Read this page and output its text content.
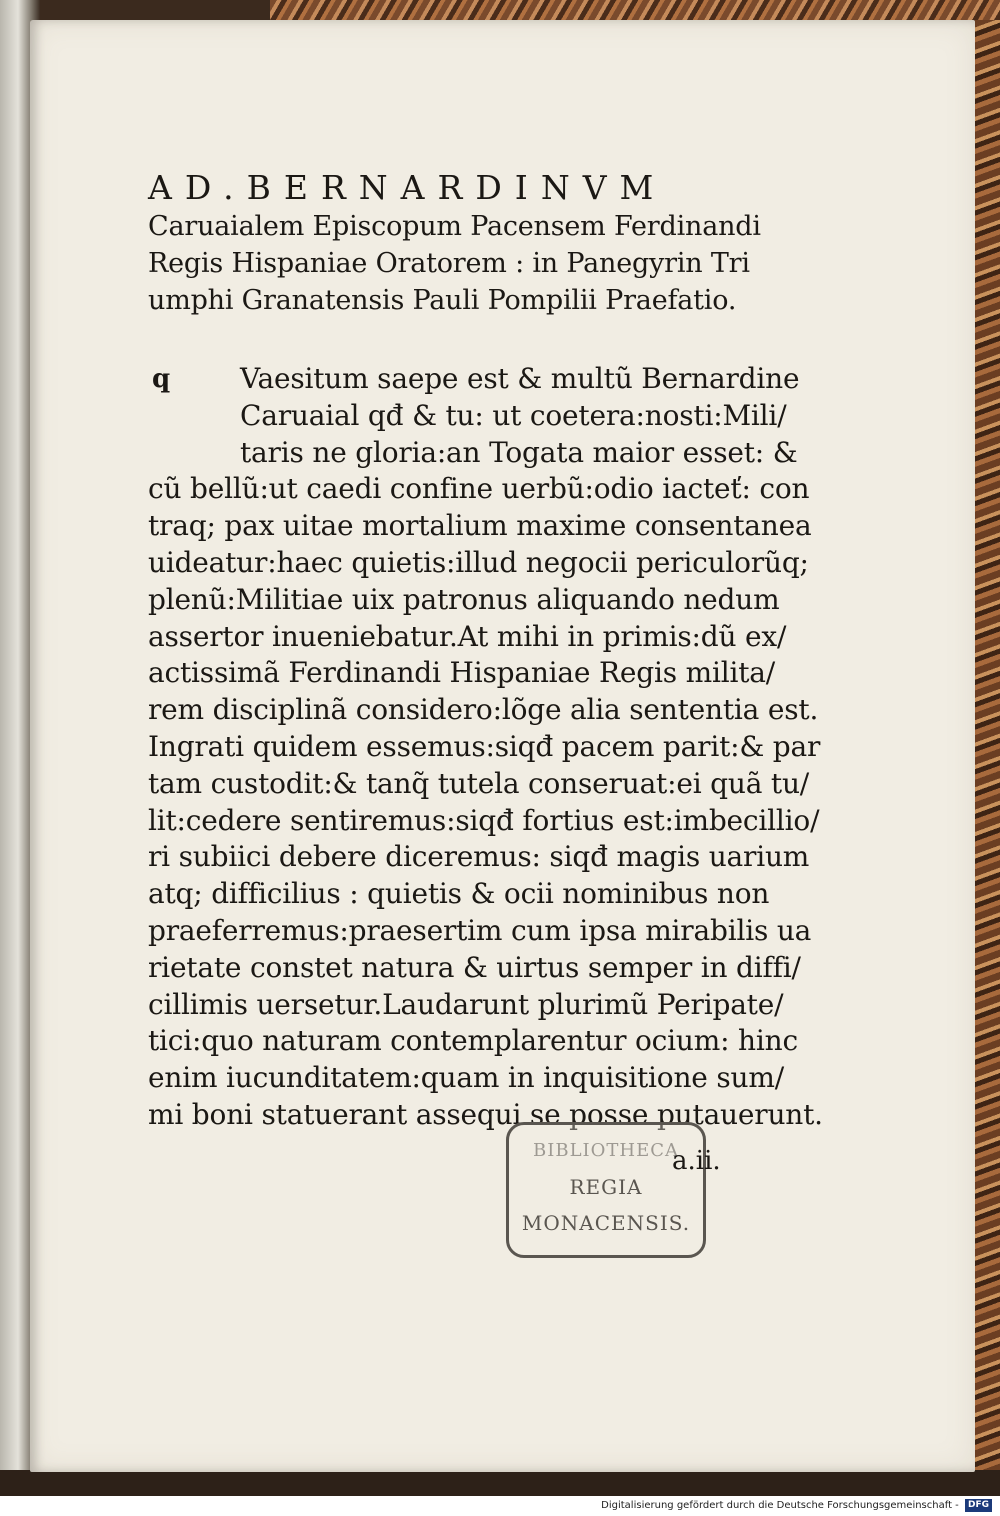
AD.BERNARDINVM

Caruaialem Episcopum Pacensem Ferdinandi

Regis Hispaniae Oratorem : in Panegyrin Tri

umphi Granatensis Pauli Pompilii Praefatio.

q	Vaesitum saepe est & multũ Bernardine

Caruaial qđ & tu: ut coetera:nosti:Mili/

taris ne gloria:an Togata maior esset: &

cũ bellũ:ut caedi confine uerbũ:odio iacteť: con

traq; pax uitae mortalium maxime consentanea

uideatur:haec quietis:illud negocii periculorũq;

plenũ:Militiae uix patronus aliquando nedum

assertor inueniebatur.At mihi in primis:dũ ex/

actissimã Ferdinandi Hispaniae Regis milita/

rem disciplinã considero:lõge alia sententia est.

Ingrati quidem essemus:siqđ pacem parit:& par

tam custodit:& tanq̃ tutela conseruat:ei quã tu/

lit:cedere sentiremus:siqđ fortius est:imbecillio/

ri subiici debere diceremus: siqđ magis uarium

atq; difficilius : quietis & ocii nominibus non

praeferremus:praesertim cum ipsa mirabilis ua

rietate constet natura & uirtus semper in diffi/

cillimis uersetur.Laudarunt plurimũ Peripate/

tici:quo naturam contemplarentur ocium: hinc

enim iucunditatem:quam in inquisitione sum/

mi boni statuerant assequi se posse putauerunt.

BIBLIOTHECA

REGIA

MONACENSIS.

a.ii.
Digitalisierung gefördert durch die Deutsche Forschungsgemeinschaft - DFG
